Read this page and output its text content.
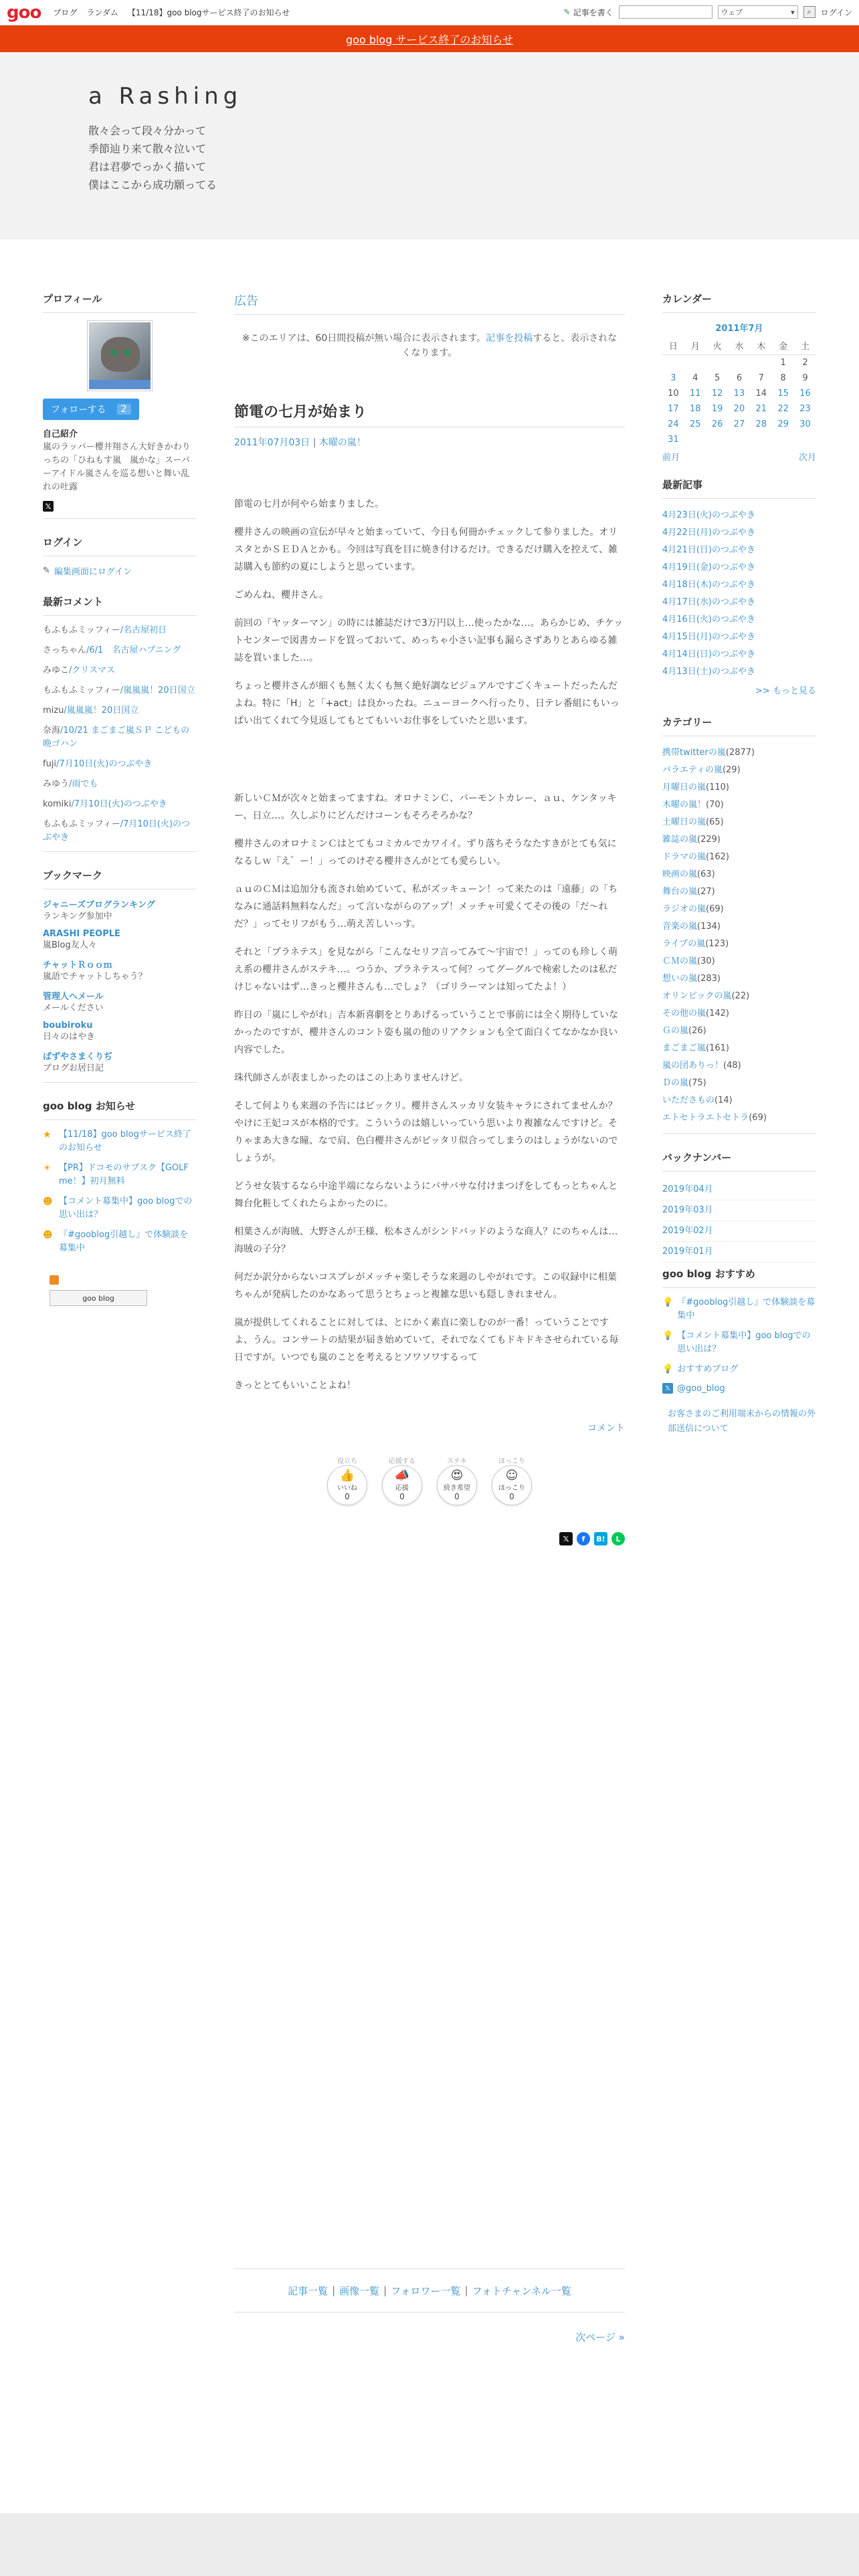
goo ブログ ランダム 【11/18】goo blogサービス終了のお知らせ	✎ 記事を書く	ウェブ	▾ ⌕ ログイン
goo blog サービス終了のお知らせ
a Rashing
散々会って段々分かって
季節辿り来て散々泣いて
君は君夢でっかく描いて
僕はここから成功願ってる
プロフィール
フォローする	2
自己紹介
嵐のラッパー櫻井翔さん大好きかわりっちの「ひねもす嵐　嵐かな」スーパーアイドル嵐さんを巡る想いと舞い乱れの吐露
𝕏
ログイン
✎ 編集画面にログイン
最新コメント
もふもふミッフィー/名古屋初日
さっちゃん/6/1　名古屋ハプニング
みゆこ/クリスマス
もふもふミッフィー/嵐嵐嵐！20日国立
mizu/嵐嵐嵐！20日国立
奈海/10/21 まごまご嵐ＳＰ こどもの晩ゴハン
fuji/7月10日(火)のつぶやき
みゆう/雨でも
komiki/7月10日(火)のつぶやき
もふもふミッフィー/7月10日(火)のつぶやき
ブックマーク
ジャニーズブログランキング
ランキング参加中
ARASHI PEOPLE
嵐Blog友人々
チャットＲｏｏｍ
嵐語でチャットしちゃう？
管理人へメール
メールください
boubiroku
日々のはやき
ばずやさまくりぢ
ブログお居日記
goo blog お知らせ
★ 【11/18】goo blogサービス終了のお知らせ
☀ 【PR】ドコモのサブスク【GOLF me！】初月無料
☻ 【コメント募集中】goo blogでの思い出は？
☻ 『#gooblog引越し』で体験談を募集中
goo blog
広告
※このエリアは、60日間投稿が無い場合に表示されます。記事を投稿すると、表示されなくなります。
節電の七月が始まり
2011年07月03日 | 木曜の嵐！

節電の七月が何やら始まりました。

櫻井さんの映画の宣伝が早々と始まっていて、今日も何冊かチェックして参りました。オリスタとかＳＥＤＡとかも。今回は写真を目に焼き付けるだけ。できるだけ購入を控えて、雑誌購入も節約の夏にしようと思っています。

ごめんね、櫻井さん。

前回の「ヤッターマン」の時には雑誌だけで3万円以上…使ったかな…。あらかじめ、チケットセンターで図書カードを買っておいて、めっちゃ小さい記事も漏らさずありとあらゆる雑誌を買いました…。

ちょっと櫻井さんが細くも無く太くも無く絶好調なビジュアルですごくキュートだったんだよね。特に「H」と「+act」は良かったね。ニューヨークへ行ったり、日テレ番組にもいっぱい出てくれて今見返してもとてもいいお仕事をしていたと思います。

新しいＣＭが次々と始まってますね。オロナミンＣ、バーモントカレー、ａｕ、ケンタッキー、日立…。久しぶりにどんだけコーンもそろそろかな？

櫻井さんのオロナミンＣはとてもコミカルでカワイイ。ずり落ちそうなたすきがとても気になるしｗ「え゛ー！」ってのけぞる櫻井さんがとても愛らしい。

ａｕのＣＭは追加分も流され始めていて、私がズッキューン！って来たのは「遠藤」の「ちなみに通話料無料なんだ」って言いながらのアップ！メッチャ可愛くてその後の「だ～れだ？」ってセリフがもう…萌え苦しいっす。

それと「プラネテス」を見ながら「こんなセリフ言ってみて～宇宙で！」ってのも珍しく萌え系の櫻井さんがステキ…。つうか、プラネテスって何？ってグーグルで検索したのは私だけじゃないはず…きっと櫻井さんも…でしょ？（ゴリラーマンは知ってたよ！）

昨日の「嵐にしやがれ」吉本新喜劇をとりあげるっていうことで事前には全く期待していなかったのですが、櫻井さんのコント姿も嵐の他のリアクションも全て面白くてなかなか良い内容でした。

珠代師さんが表ましかったのはこの上ありませんけど。

そして何よりも来週の予告にはビックリ。櫻井さんスッカリ女装キャラにされてませんか？やけに王妃コスが本格的です。こういうのは嬉しいっていう思いより複雑なんですけど。そりゃまあ大きな瞳、なで肩、色白櫻井さんがピッタリ似合ってしまうのはしょうがないのでしょうが。

どうせ女装するなら中途半端にならないようにバサバサな付けまつげをしてもっとちゃんと舞台化粧してくれたらよかったのに。

相葉さんが海賊、大野さんが王様、松本さんがシンドバッドのような商人？にのちゃんは…海賊の子分？

何だか訳分からないコスプレがメッチャ楽しそうな来週のしやがれです。この収録中に相葉ちゃんが発病したのかなあって思うとちょっと複雑な思いも隠しきれません。

嵐が提供してくれることに対しては、とにかく素直に楽しむのが一番！っていうことですよ、うん。コンサートの結果が届き始めていて、それでなくてもドキドキさせられている毎日ですが。いつでも嵐のことを考えるとソワソワするって

きっととてもいいことよね！

コメント
役立ち
👍
いいね
0
応援する
📣
応援
0
ステキ
😍
続き希望
0
ほっこり
☺
ほっこり
0
𝕏	f	B!	L
カレンダー
2011年7月
日	月	火	水	木	金	土
					1	2
3	4	5	6	7	8	9
10	11	12	13	14	15	16
17	18	19	20	21	22	23
24	25	26	27	28	29	30
31						
前月	次月
最新記事
4月23日(火)のつぶやき
4月22日(月)のつぶやき
4月21日(日)のつぶやき
4月19日(金)のつぶやき
4月18日(木)のつぶやき
4月17日(水)のつぶやき
4月16日(火)のつぶやき
4月15日(月)のつぶやき
4月14日(日)のつぶやき
4月13日(土)のつぶやき
>> もっと見る
カテゴリー
携帯twitterの嵐(2877)
バラエティの嵐(29)
月曜日の嵐(110)
木曜の嵐！(70)
土曜日の嵐(65)
雑誌の嵐(229)
ドラマの嵐(162)
映画の嵐(63)
舞台の嵐(27)
ラジオの嵐(69)
音楽の嵐(134)
ライブの嵐(123)
ＣＭの嵐(30)
想いの嵐(283)
オリンピックの嵐(22)
その他の嵐(142)
Ｇの嵐(26)
まごまご嵐(161)
嵐の団ありっ！(48)
Ｄの嵐(75)
いたださもの(14)
エトセトラエトセトラ(69)
バックナンバー
2019年04月
2019年03月
2019年02月
2019年01月
goo blog おすすめ
💡 『#gooblog引越し』で体験談を募集中
💡 【コメント募集中】goo blogでの思い出は？
💡 おすすめブログ
𝕏 @goo_blog
お客さまのご利用端末からの情報の外部送信について
記事一覧 | 画像一覧 | フォロワー一覧 | フォトチャンネル一覧
次ページ »
